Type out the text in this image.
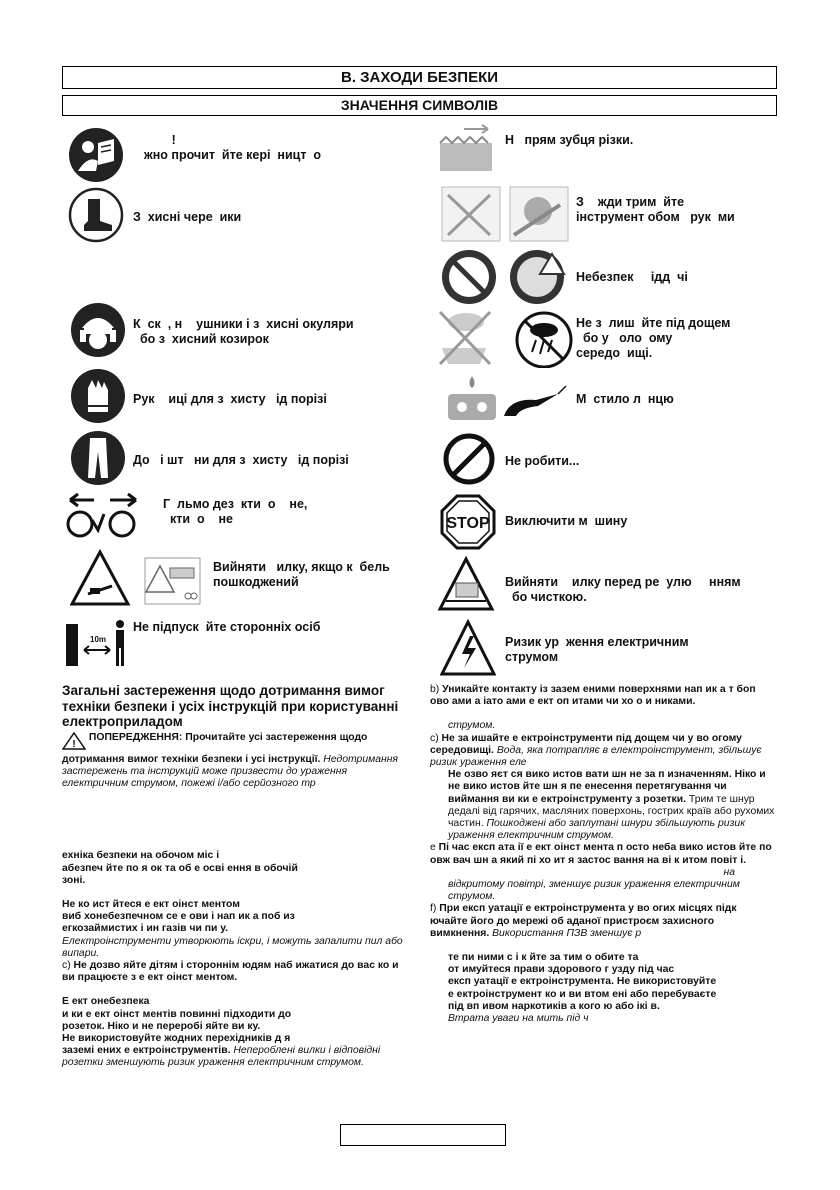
B. ЗАХОДИ БЕЗПЕКИ
ЗНАЧЕННЯ СИМВОЛІВ
!
жно прочит  йте кері  ницт  о
З  хисні чере  ики
К  ск  , н    ушники і з  хисні окуляри
бо з  хисний козирок
Рук    иці для з  хисту   ід порізі
До   і шт   ни для з  хисту   ід порізі
Г  льмо дез  кти  о    не,
кти  о    не
Вийняти   илку, якщо к  бель
пошкоджений
10m
Не підпуск  йте сторонніх осіб
Н   прям зубця різки.
З    жди трим  йте
інструмент обом   рук  ми
Небезпек     ідд  чі
Не з  лиш  йте під дощем
бо у   оло  ому
середо  ищі.
М  стило л  нцю
Не робити...
STOP Виключити м  шину
Вийняти    илку перед ре  улю     нням
бо чисткою.
Ризик ур  ження електричним
струмом

Загальні застереження щодо дотримання вимог техніки безпеки і усіх інструкцій при користуванні електроприладом

!
ПОПЕРЕДЖЕННЯ: Прочитайте усі застереження щодо дотримання вимог техніки безпеки і усі інструкції. Недотримання застережень та інструкцій може призвести до ураження електричним струмом, пожежі і/або серйозного тр

ехніка безпеки на обочом міс і

абезпеч йте по я ок та об е осві ення в обочій

зоні.

Не ко ист йтеся е ект оінст ментом

виб хонебезпечном се е ови і нап ик а поб из

егкозаймистих і ин газів чи пи у.

Електроінструменти утворюють іскри, і можуть запалити пил або випари.

c) Не дозво яйте дітям і стороннім юдям наб ижатися до вас ко и ви працюєте з е ект оінст ментом.

Е ект онебезпека

и ки е ект оінст ментів повинні підходити до

розеток. Ніко и не переробі яйте ви ку.

Не використовуйте жодних перехідників д я

заземі ених е ектроінструментів. Непероблені вилки і відповідні розетки зменшують ризик ураження електричним струмом.

b) Уникайте контакту із зазем еними поверхнями нап ик а т боп ово ами а іато ами е ект оп итами чи хо о и никами.

струмом.

c) Не за ишайте е ектроінструменти під дощем чи у во огому середовищі. Вода, яка потрапляє в електроінструмент, збільшує ризик ураження еле

Не озво яєт ся вико истов вати шн не за п изначенням. Ніко и не вико истов йте шн я пе енесення перетягування чи виймання ви ки е ектроінструменту з розетки. Трим те шнур дедалі від гарячих, масляних поверхонь, гострих країв або рухомих частин. Пошкоджені або заплутані шнури збільшують ризик ураження електричним струмом.

e Пі час експ ата ії е ект оінст мента п осто неба вико истов йте по овж вач шн а який пі хо ит я застос вання на ві к итом повіт і.

на

відкритому повітрі, зменшує ризик ураження електричним струмом.

f) При експ уатації е ектроінструмента у во огих місцях підк ючайте його до мережі об аданої пристроєм захисного вимкнення. Використання ПЗВ зменшує р

те пи ними с і к йте за тим о обите та

от имуйтеся прави здорового г узду під час

експ уатації е ектроінструмента. Не використовуйте

е ектроінструмент ко и ви втом ені або перебуваєте

під вп ивом наркотиків а кого ю або ікі в.

Втрата уваги на мить під ч
